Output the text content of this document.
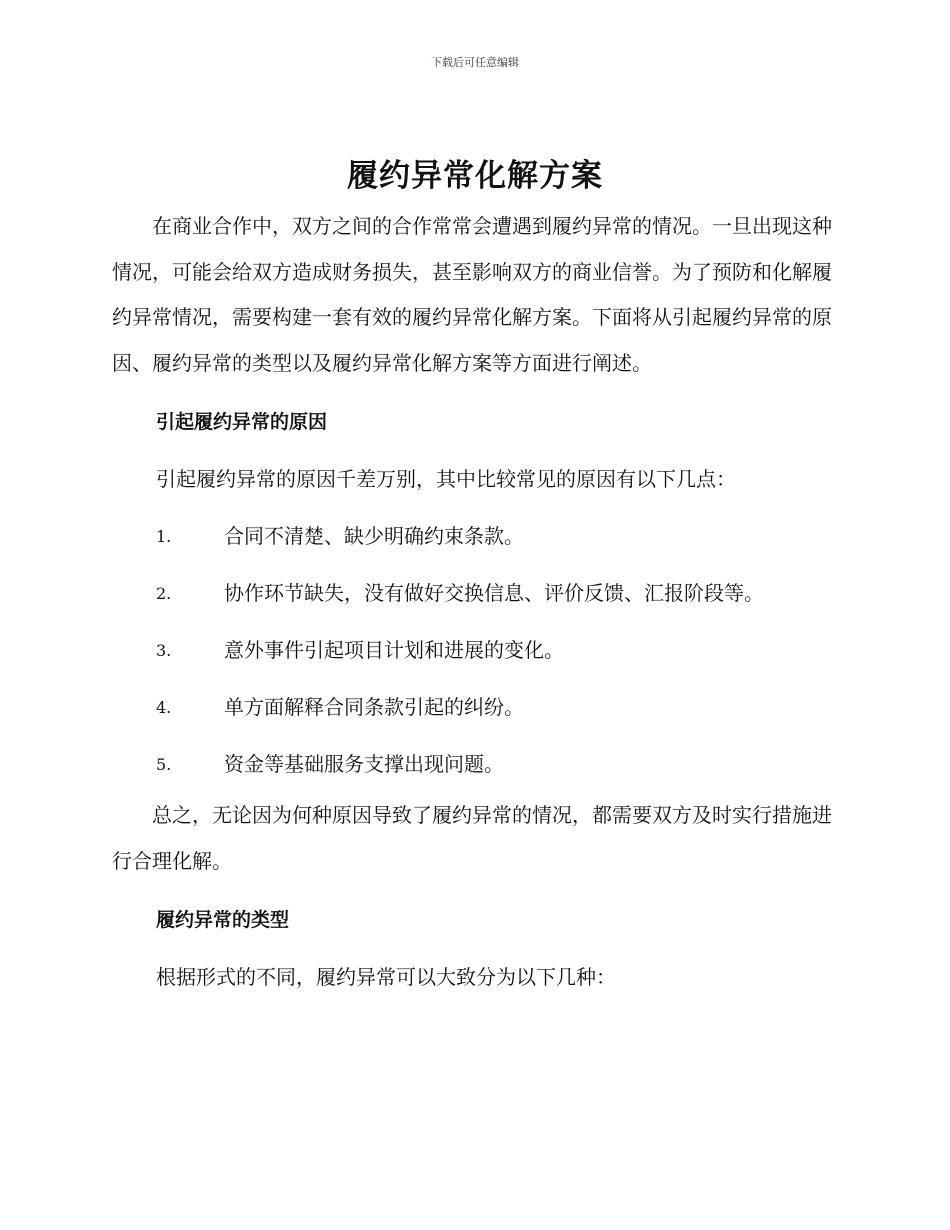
下载后可任意编辑
履约异常化解方案

在商业合作中，双方之间的合作常常会遭遇到履约异常的情况。一旦出现这种情况，可能会给双方造成财务损失，甚至影响双方的商业信誉。为了预防和化解履约异常情况，需要构建一套有效的履约异常化解方案。下面将从引起履约异常的原因、履约异常的类型以及履约异常化解方案等方面进行阐述。

引起履约异常的原因

引起履约异常的原因千差万别，其中比较常见的原因有以下几点：

1.	合同不清楚、缺少明确约束条款。
2.	协作环节缺失，没有做好交换信息、评价反馈、汇报阶段等。
3.	意外事件引起项目计划和进展的变化。
4.	单方面解释合同条款引起的纠纷。
5.	资金等基础服务支撑出现问题。

总之，无论因为何种原因导致了履约异常的情况，都需要双方及时实行措施进行合理化解。

履约异常的类型

根据形式的不同，履约异常可以大致分为以下几种：
